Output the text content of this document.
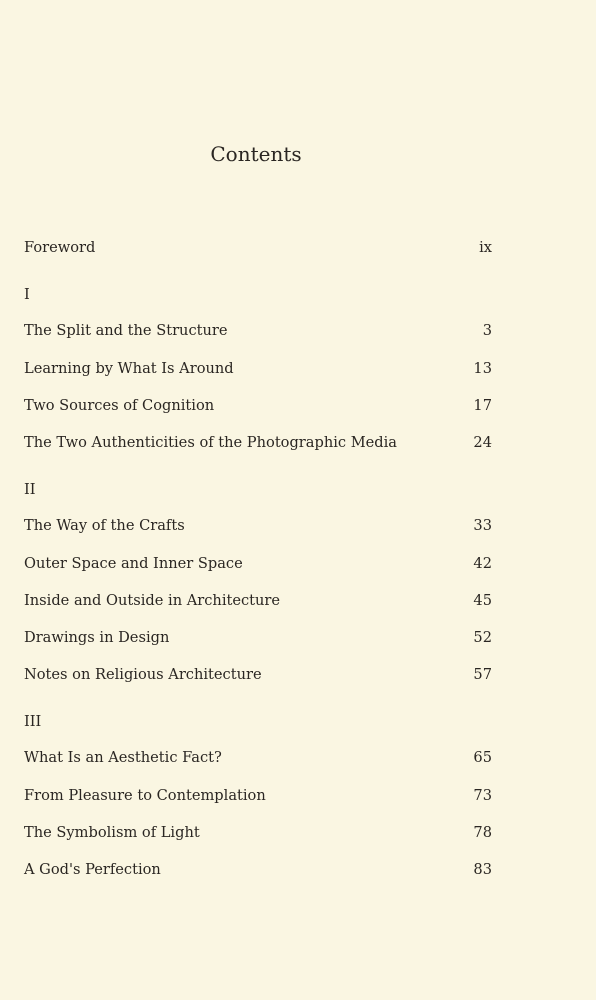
Contents
Foreword	ix
I
The Split and the Structure	3
Learning by What Is Around	13
Two Sources of Cognition	17
The Two Authenticities of the Photographic Media	24
II
The Way of the Crafts	33
Outer Space and Inner Space	42
Inside and Outside in Architecture	45
Drawings in Design	52
Notes on Religious Architecture	57
III
What Is an Aesthetic Fact?	65
From Pleasure to Contemplation	73
The Symbolism of Light	78
A God's Perfection	83
